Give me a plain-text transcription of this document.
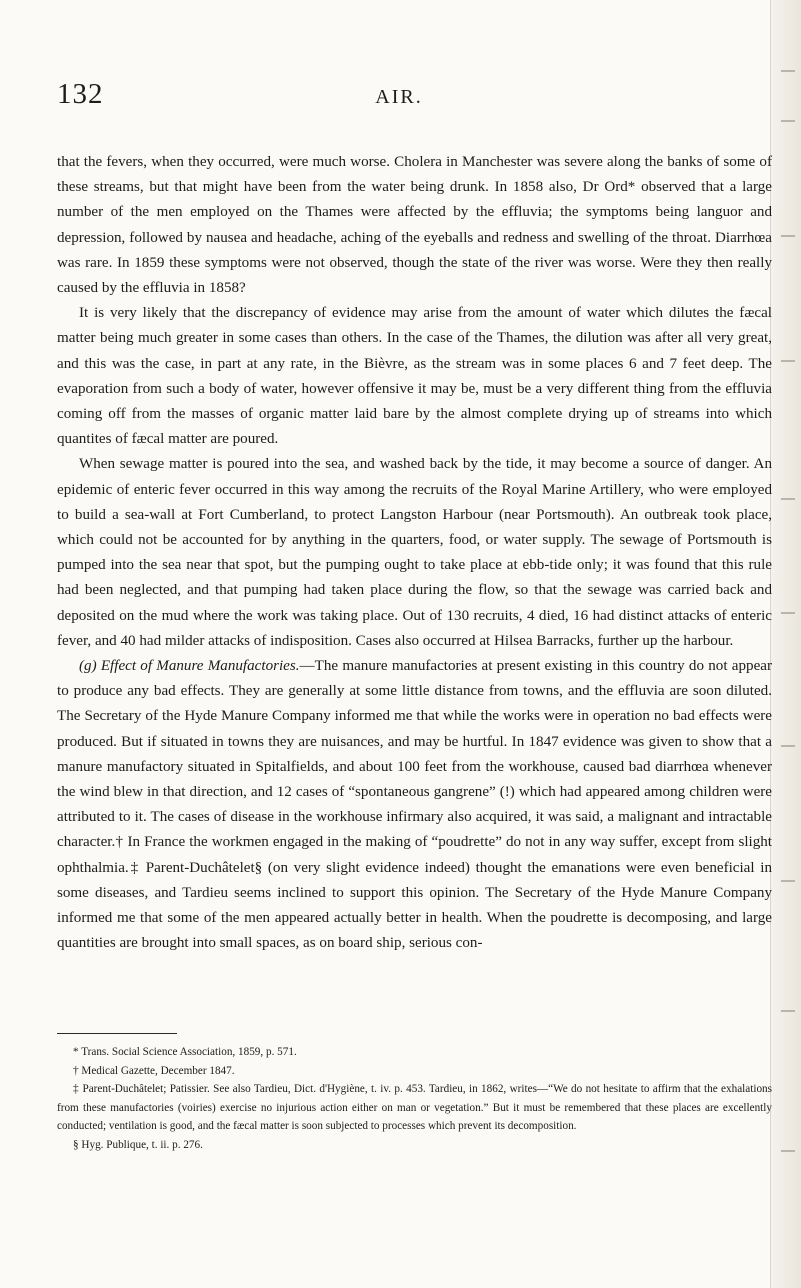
132	AIR.

that the fevers, when they occurred, were much worse. Cholera in Manchester was severe along the banks of some of these streams, but that might have been from the water being drunk. In 1858 also, Dr Ord* observed that a large number of the men employed on the Thames were affected by the effluvia; the symptoms being languor and depression, followed by nausea and headache, aching of the eyeballs and redness and swelling of the throat. Diarrhœa was rare. In 1859 these symptoms were not observed, though the state of the river was worse. Were they then really caused by the effluvia in 1858?

It is very likely that the discrepancy of evidence may arise from the amount of water which dilutes the fæcal matter being much greater in some cases than others. In the case of the Thames, the dilution was after all very great, and this was the case, in part at any rate, in the Bièvre, as the stream was in some places 6 and 7 feet deep. The evaporation from such a body of water, however offensive it may be, must be a very different thing from the effluvia coming off from the masses of organic matter laid bare by the almost complete drying up of streams into which quantites of fæcal matter are poured.

When sewage matter is poured into the sea, and washed back by the tide, it may become a source of danger. An epidemic of enteric fever occurred in this way among the recruits of the Royal Marine Artillery, who were employed to build a sea-wall at Fort Cumberland, to protect Langston Harbour (near Portsmouth). An outbreak took place, which could not be accounted for by anything in the quarters, food, or water supply. The sewage of Portsmouth is pumped into the sea near that spot, but the pumping ought to take place at ebb-tide only; it was found that this rule had been neglected, and that pumping had taken place during the flow, so that the sewage was carried back and deposited on the mud where the work was taking place. Out of 130 recruits, 4 died, 16 had distinct attacks of enteric fever, and 40 had milder attacks of indisposition. Cases also occurred at Hilsea Barracks, further up the harbour.

(g) Effect of Manure Manufactories.—The manure manufactories at present existing in this country do not appear to produce any bad effects. They are generally at some little distance from towns, and the effluvia are soon diluted. The Secretary of the Hyde Manure Company informed me that while the works were in operation no bad effects were produced. But if situated in towns they are nuisances, and may be hurtful. In 1847 evidence was given to show that a manure manufactory situated in Spitalfields, and about 100 feet from the workhouse, caused bad diarrhœa whenever the wind blew in that direction, and 12 cases of “spontaneous gangrene” (!) which had appeared among children were attributed to it. The cases of disease in the workhouse infirmary also acquired, it was said, a malignant and intractable character.† In France the workmen engaged in the making of “poudrette” do not in any way suffer, except from slight ophthalmia.‡ Parent-Duchâtelet§ (on very slight evidence indeed) thought the emanations were even beneficial in some diseases, and Tardieu seems inclined to support this opinion. The Secretary of the Hyde Manure Company informed me that some of the men appeared actually better in health. When the poudrette is decomposing, and large quantities are brought into small spaces, as on board ship, serious con-

* Trans. Social Science Association, 1859, p. 571.

† Medical Gazette, December 1847.

‡ Parent-Duchâtelet; Patissier. See also Tardieu, Dict. d'Hygiène, t. iv. p. 453. Tardieu, in 1862, writes—“We do not hesitate to affirm that the exhalations from these manufactories (voiries) exercise no injurious action either on man or vegetation.” But it must be remembered that these places are excellently conducted; ventilation is good, and the fæcal matter is soon subjected to processes which prevent its decomposition.

§ Hyg. Publique, t. ii. p. 276.
